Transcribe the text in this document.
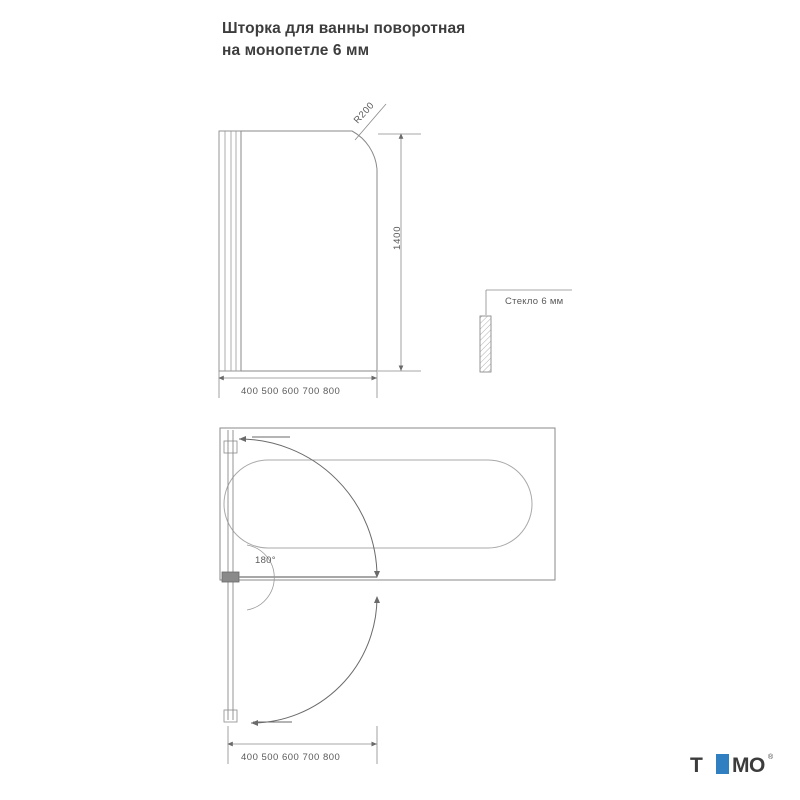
Шторка для ванны поворотная
на монопетле 6 мм
R200
1400
400 500 600 700 800
Стекло 6 мм
180°
400 500 600 700 800	T MO ®
